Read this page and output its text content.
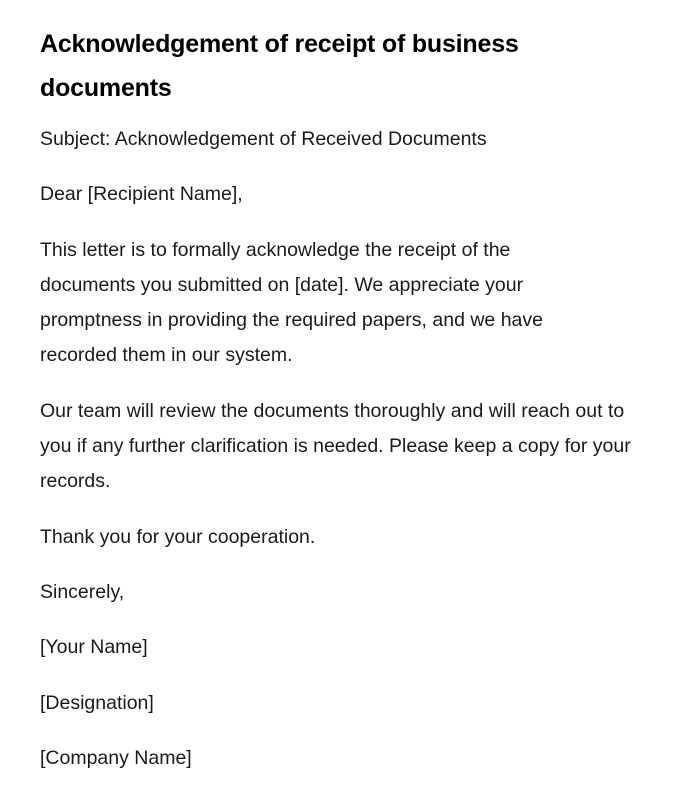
Acknowledgement of receipt of business documents

Subject: Acknowledgement of Received Documents

Dear [Recipient Name],

This letter is to formally acknowledge the receipt of the documents you submitted on [date]. We appreciate your promptness in providing the required papers, and we have recorded them in our system.

Our team will review the documents thoroughly and will reach out to you if any further clarification is needed. Please keep a copy for your records.

Thank you for your cooperation.

Sincerely,

[Your Name]

[Designation]

[Company Name]
